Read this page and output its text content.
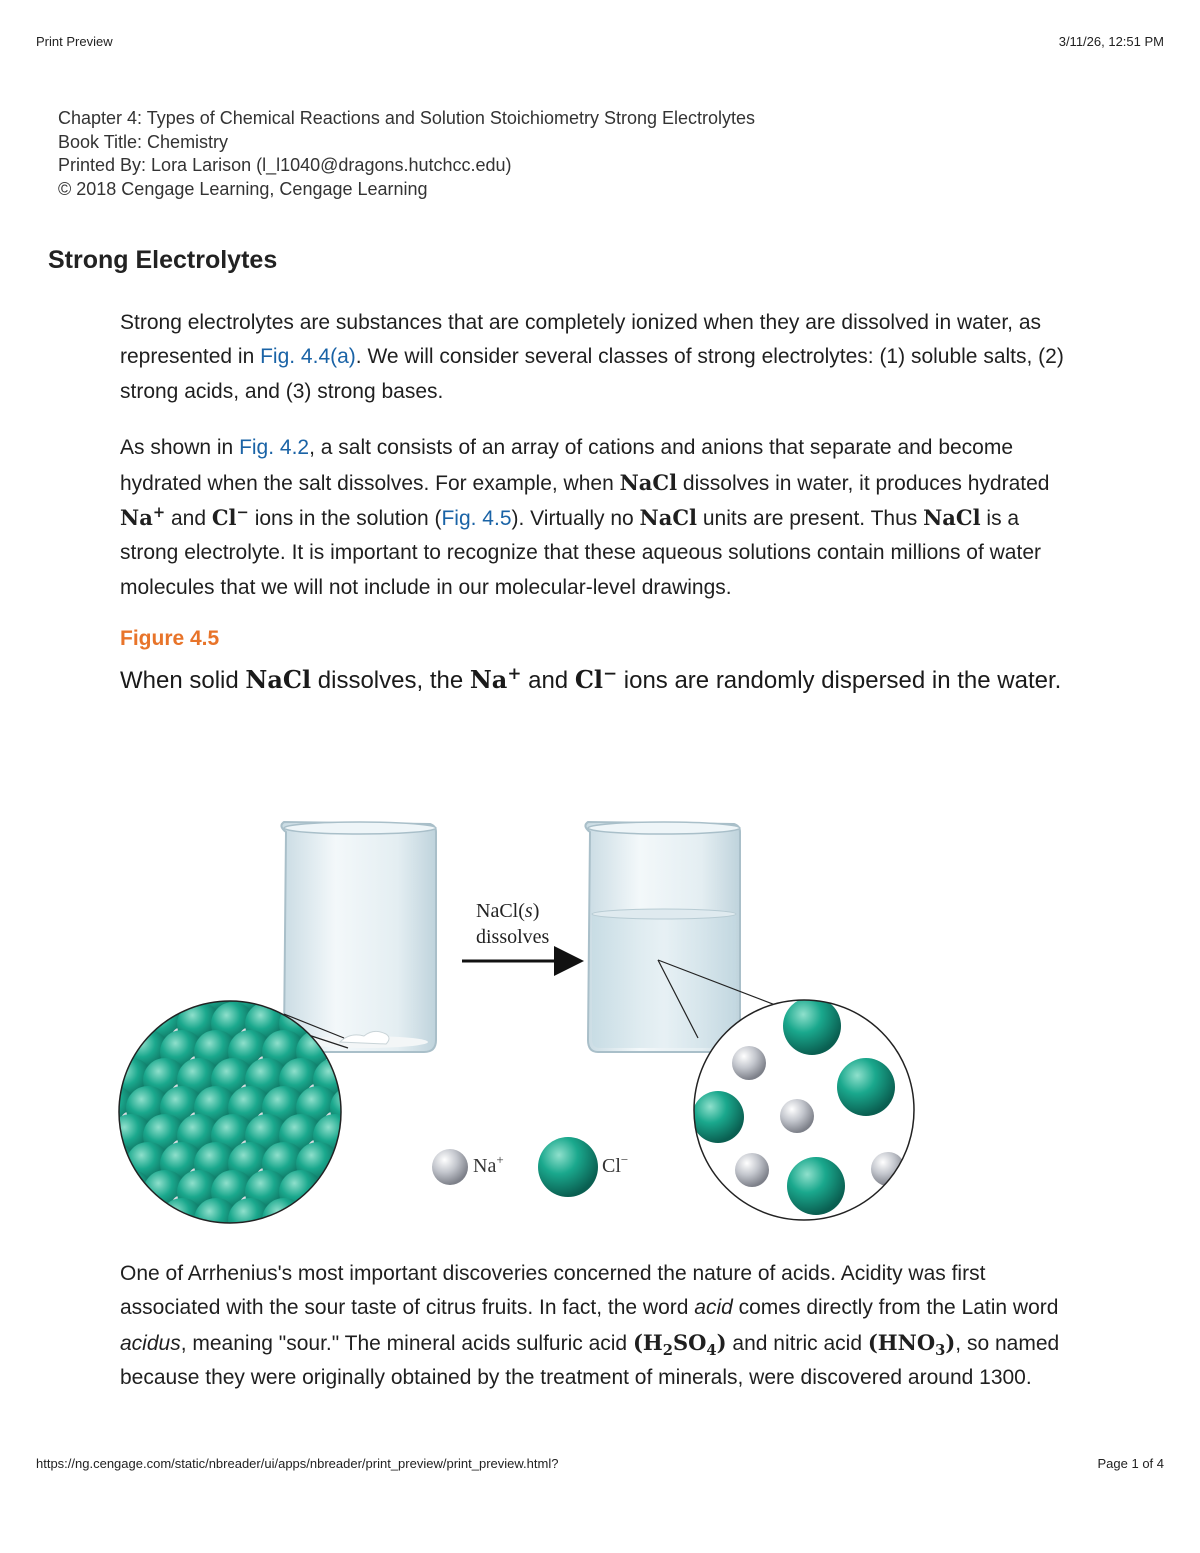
Print Preview	3/11/26, 12:51 PM
Chapter 4: Types of Chemical Reactions and Solution Stoichiometry Strong Electrolytes
Book Title: Chemistry
Printed By: Lora Larison (l_l1040@dragons.hutchcc.edu)
© 2018 Cengage Learning, Cengage Learning
Strong Electrolytes

Strong electrolytes are substances that are completely ionized when they are dissolved in water, as represented in Fig. 4.4(a). We will consider several classes of strong electrolytes: (1) soluble salts, (2) strong acids, and (3) strong bases.

As shown in Fig. 4.2, a salt consists of an array of cations and anions that separate and become hydrated when the salt dissolves. For example, when NaCl dissolves in water, it produces hydrated Na+ and Cl− ions in the solution (Fig. 4.5). Virtually no NaCl units are present. Thus NaCl is a strong electrolyte. It is important to recognize that these aqueous solutions contain millions of water molecules that we will not include in our molecular-level drawings.

Figure 4.5

When solid NaCl dissolves, the Na+ and Cl− ions are randomly dispersed in the water.

NaCl(s)
dissolves
Na+	Cl−

One of Arrhenius's most important discoveries concerned the nature of acids. Acidity was first associated with the sour taste of citrus fruits. In fact, the word acid comes directly from the Latin word acidus, meaning "sour." The mineral acids sulfuric acid $(H_2SO_4)$ and nitric acid $(HNO_3)$, so named because they were originally obtained by the treatment of minerals, were discovered around 1300.

https://ng.cengage.com/static/nbreader/ui/apps/nbreader/print_preview/print_preview.html?	Page 1 of 4
